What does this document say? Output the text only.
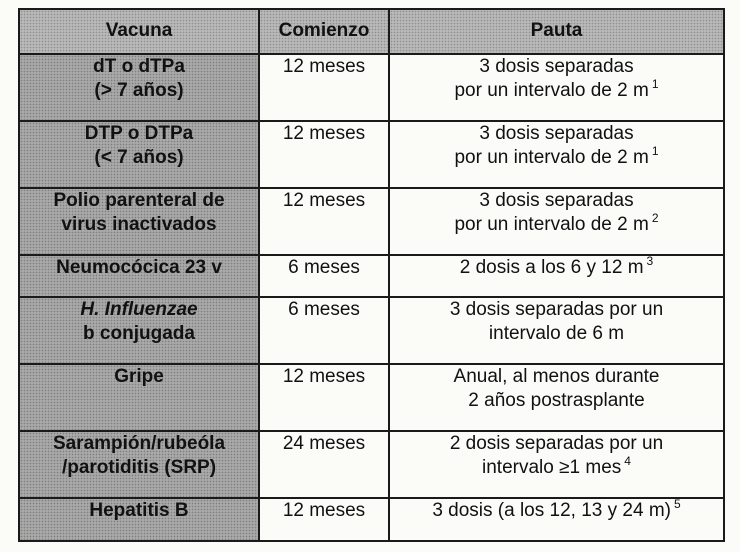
Vacuna	Comienzo	Pauta

dT o dTPa
(> 7 años)	12 meses	3 dosis separadas
por un intervalo de 2 m $^1$

DTP o DTPa
(< 7 años)	12 meses	3 dosis separadas
por un intervalo de 2 m $^1$

Polio parenteral de
virus inactivados	12 meses	3 dosis separadas
por un intervalo de 2 m $^2$

Neumocócica 23 v	6 meses	2 dosis a los 6 y 12 m $^3$

H. Influenzae
b conjugada	6 meses	3 dosis separadas por un
intervalo de 6 m

Gripe	12 meses	Anual, al menos durante
2 años postrasplante

Sarampión/rubeóla
/parotiditis (SRP)	24 meses	2 dosis separadas por un
intervalo ≥1 mes $^4$

Hepatitis B	12 meses	3 dosis (a los 12, 13 y 24 m) $^5$
